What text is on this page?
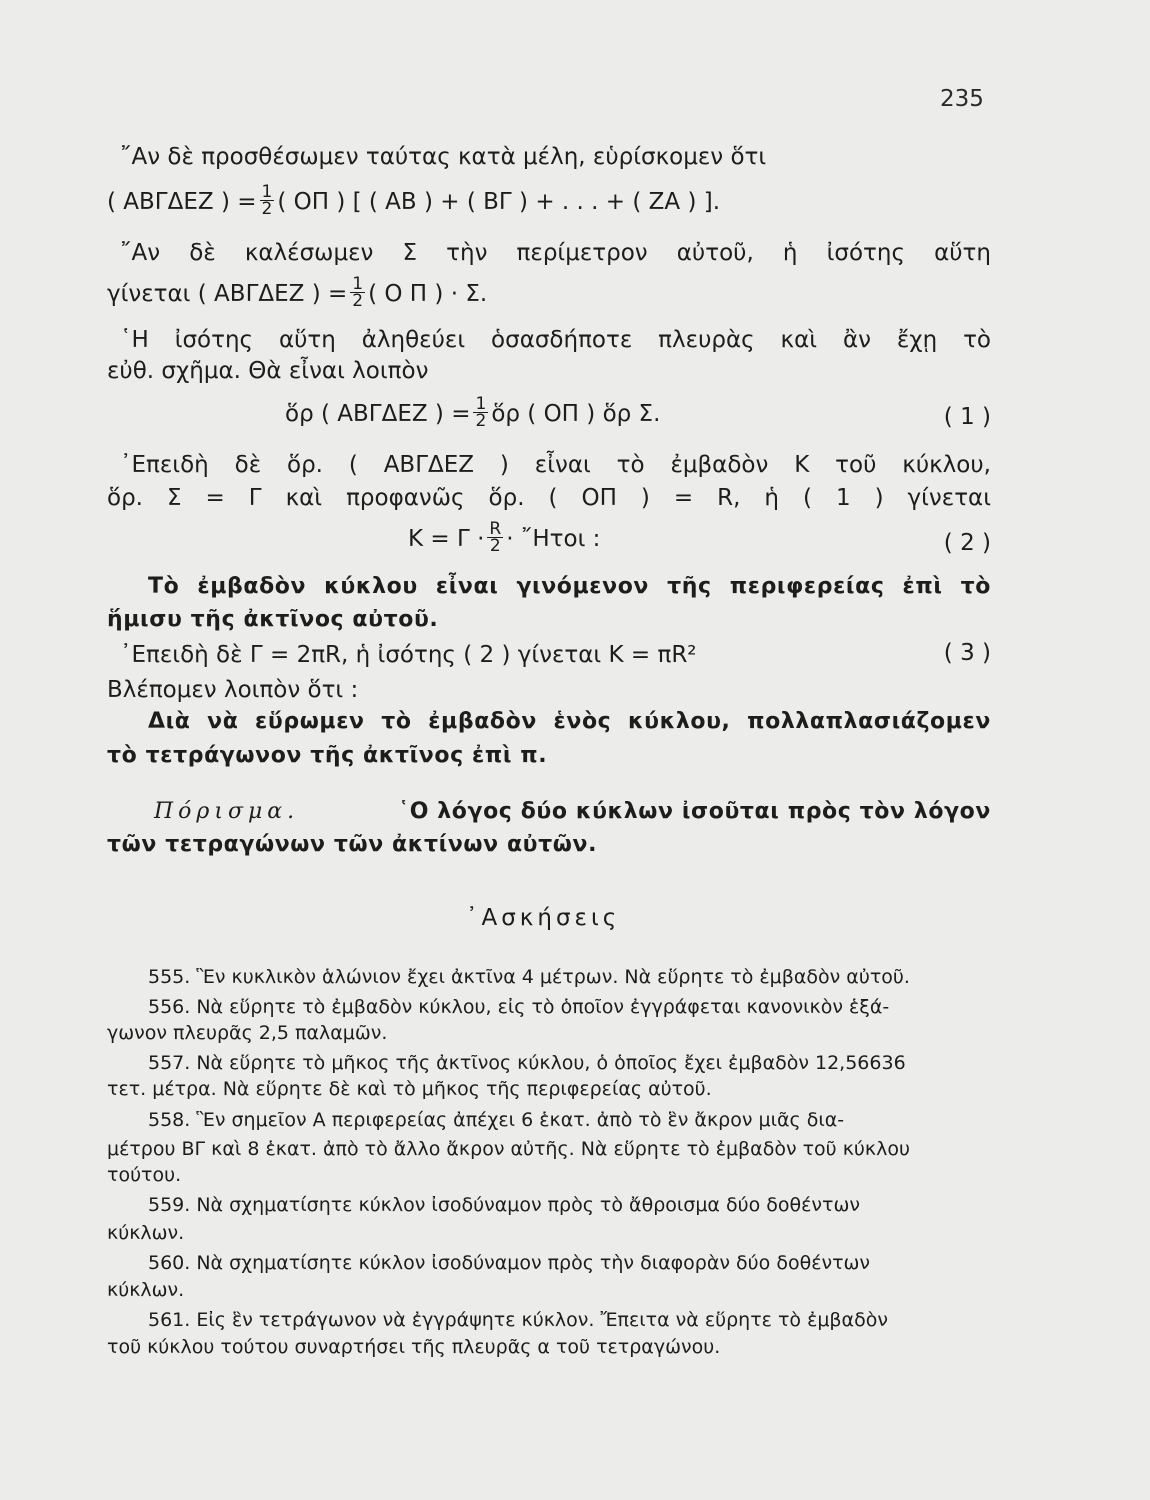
235
῎Αν δὲ προσθέσωμεν ταύτας κατὰ μέλη, εὑρίσκομεν ὅτι
( ΑΒΓΔΕΖ ) = $\frac{1}{2}$ ( ΟΠ ) [ ( ΑΒ ) + ( ΒΓ ) + . . . + ( ΖΑ ) ].
῎Αν δὲ καλέσωμεν Σ τὴν περίμετρον αὐτοῦ, ἡ ἰσότης αὕτη
γίνεται ( ΑΒΓΔΕΖ ) = $\frac{1}{2}$ ( Ο Π ) · Σ.
῾Η ἰσότης αὕτη ἀληθεύει ὁσασδήποτε πλευρὰς καὶ ἂν ἔχῃ τὸ
εὐθ. σχῆμα. Θὰ εἶναι λοιπὸν
ὅρ ( ΑΒΓΔΕΖ ) = $\frac{1}{2}$ ὅρ ( ΟΠ ) ὅρ Σ.	( 1 )
᾿Επειδὴ δὲ ὅρ. ( ΑΒΓΔΕΖ ) εἶναι τὸ ἐμβαδὸν Κ τοῦ κύκλου,
ὅρ. Σ = Γ καὶ προφανῶς ὅρ. ( ΟΠ ) = R, ἡ ( 1 ) γίνεται
$K = \Gamma \cdot \frac{R}{2}$ · ῎Ητοι :	( 2 )
Τὸ ἐμβαδὸν κύκλου εἶναι γινόμενον τῆς περιφερείας ἐπὶ τὸ
ἥμισυ τῆς ἀκτῖνος αὐτοῦ.
᾿Επειδὴ δὲ Γ = 2πR, ἡ ἰσότης ( 2 ) γίνεται Κ = πR²	( 3 )
Βλέπομεν λοιπὸν ὅτι :
Διὰ νὰ εὕρωμεν τὸ ἐμβαδὸν ἑνὸς κύκλου, πολλαπλασιάζομεν
τὸ τετράγωνον τῆς ἀκτῖνος ἐπὶ π.
Πόρισμα.	῾Ο λόγος δύο κύκλων ἰσοῦται πρὸς τὸν λόγον
τῶν τετραγώνων τῶν ἀκτίνων αὐτῶν.
᾿Ασκήσεις
555. Ἓν κυκλικὸν ἁλώνιον ἔχει ἀκτῖνα 4 μέτρων. Νὰ εὕρητε τὸ ἐμβαδὸν αὐτοῦ.
556. Νὰ εὕρητε τὸ ἐμβαδὸν κύκλου, εἰς τὸ ὁποῖον ἐγγράφεται κανονικὸν ἑξά-
γωνον πλευρᾶς 2,5 παλαμῶν.
557. Νὰ εὕρητε τὸ μῆκος τῆς ἀκτῖνος κύκλου, ὁ ὁποῖος ἔχει ἐμβαδὸν 12,56636
τετ. μέτρα. Νὰ εὕρητε δὲ καὶ τὸ μῆκος τῆς περιφερείας αὐτοῦ.
558. Ἓν σημεῖον Α περιφερείας ἀπέχει 6 ἑκατ. ἀπὸ τὸ ἓν ἄκρον μιᾶς δια-
μέτρου ΒΓ καὶ 8 ἑκατ. ἀπὸ τὸ ἄλλο ἄκρον αὐτῆς. Νὰ εὕρητε τὸ ἐμβαδὸν τοῦ κύκλου
τούτου.
559. Νὰ σχηματίσητε κύκλον ἰσοδύναμον πρὸς τὸ ἄθροισμα δύο δοθέντων
κύκλων.
560. Νὰ σχηματίσητε κύκλον ἰσοδύναμον πρὸς τὴν διαφορὰν δύο δοθέντων
κύκλων.
561. Εἰς ἓν τετράγωνον νὰ ἐγγράψητε κύκλον. Ἔπειτα νὰ εὕρητε τὸ ἐμβαδὸν
τοῦ κύκλου τούτου συναρτήσει τῆς πλευρᾶς α τοῦ τετραγώνου.
